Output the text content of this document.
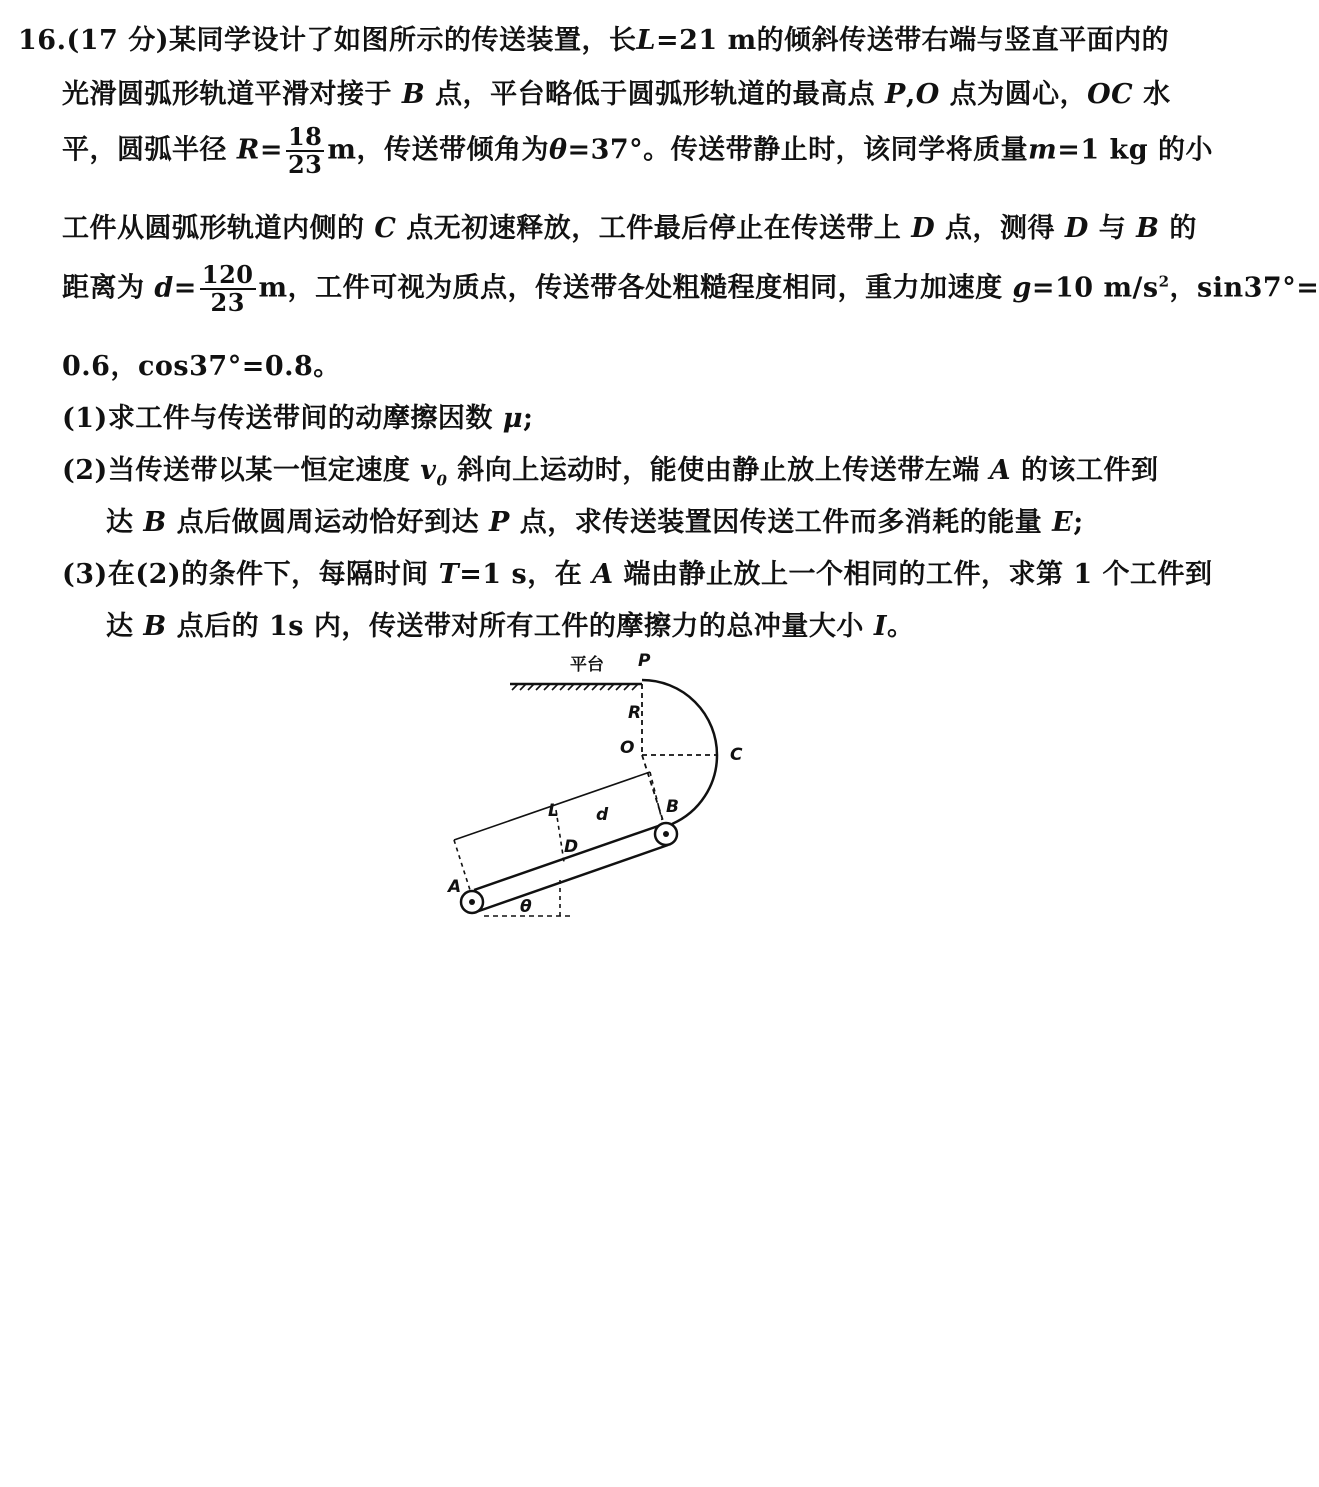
16.(17 分)某同学设计了如图所示的传送装置，长L=21 m的倾斜传送带右端与竖直平面内的
光滑圆弧形轨道平滑对接于 B 点，平台略低于圆弧形轨道的最高点 P,O 点为圆心，OC 水
平，圆弧半径 $R= \frac{18}{23}$ m，传送带倾角为θ=37°。传送带静止时，该同学将质量m=1 kg 的小
工件从圆弧形轨道内侧的 C 点无初速释放，工件最后停止在传送带上 D 点，测得 D 与 B 的
距离为 $d= \frac{120}{23}$ m，工件可视为质点，传送带各处粗糙程度相同，重力加速度 g=10 $m/s^2$，sin37°=
0.6，cos37°=0.8。
(1)求工件与传送带间的动摩擦因数 μ;
(2)当传送带以某一恒定速度 $v_0$ 斜向上运动时，能使由静止放上传送带左端 A 的该工件到
达 B 点后做圆周运动恰好到达 P 点，求传送装置因传送工件而多消耗的能量 E;
(3)在(2)的条件下，每隔时间 T=1 s，在 A 端由静止放上一个相同的工件，求第 1 个工件到
达 B 点后的 1s 内，传送带对所有工件的摩擦力的总冲量大小 I。
平台 P
R
O	C
B
L d
D
A
θ
